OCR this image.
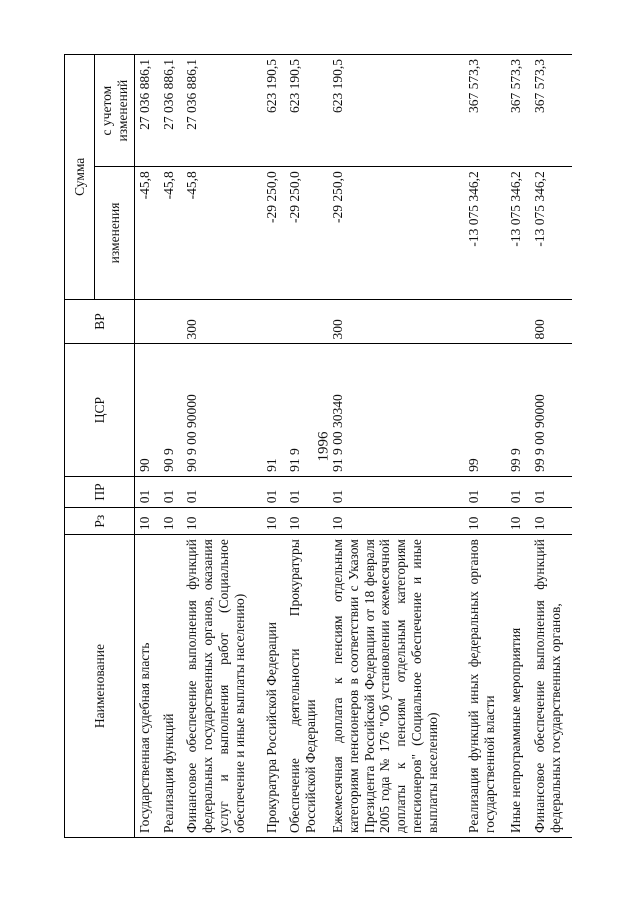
1996
Наименование	Рз	ПР	ЦСР	ВР	Сумма	
					изменения	с учетом изменений
Государственная судебная власть	10	01	90		-45,8	27 036 886,1
Реализация функций	10	01	90 9		-45,8	27 036 886,1
Финансовое обеспечение выполнения функций федеральных государственных органов, оказания услуг и выполнения работ (Социальное обеспечение и иные выплаты населению)	10	01	90 9 00 90000	300	-45,8	27 036 886,1
Прокуратура Российской Федерации	10	01	91		-29 250,0	623 190,5
Обеспечение деятельности Прокуратуры Российской Федерации	10	01	91 9		-29 250,0	623 190,5
Ежемесячная доплата к пенсиям отдельным категориям пенсионеров в соответствии с Указом Президента Российской Федерации от 18 февраля 2005 года № 176 "Об установлении ежемесячной доплаты к пенсиям отдельным категориям пенсионеров" (Социальное обеспечение и иные выплаты населению)	10	01	91 9 00 30340	300	-29 250,0	623 190,5
Реализация функций иных федеральных органов государственной власти	10	01	99		-13 075 346,2	367 573,3
Иные непрограммные мероприятия	10	01	99 9		-13 075 346,2	367 573,3
Финансовое обеспечение выполнения функций федеральных государственных органов,	10	01	99 9 00 90000	800	-13 075 346,2	367 573,3
